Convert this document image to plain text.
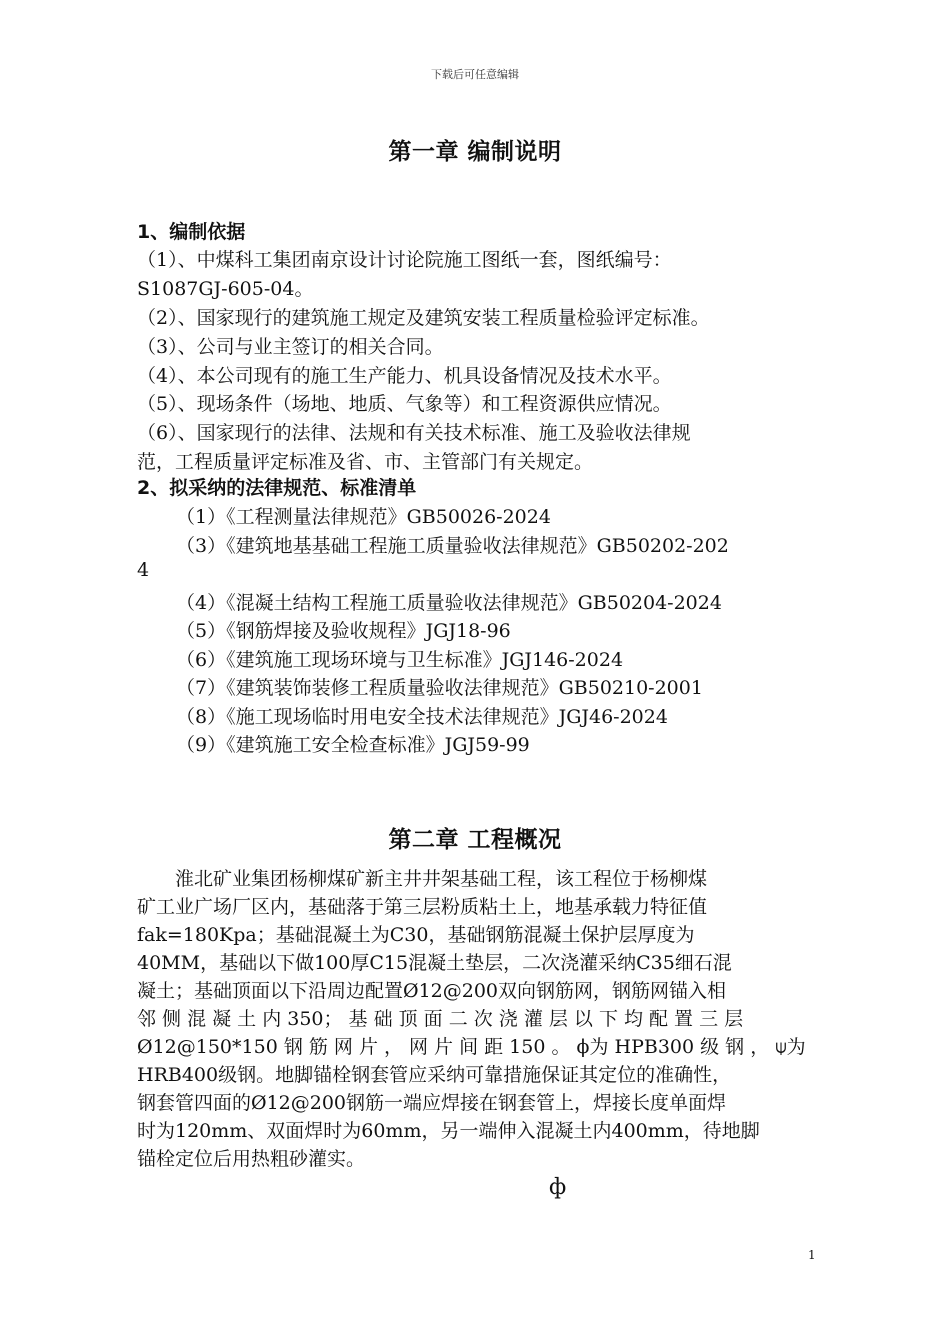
下载后可任意编辑
第一章 编制说明
1、编制依据
（1）、中煤科工集团南京设计讨论院施工图纸一套，图纸编号：
S1087GJ-605-04。
（2）、国家现行的建筑施工规定及建筑安装工程质量检验评定标准。
（3）、公司与业主签订的相关合同。
（4）、本公司现有的施工生产能力、机具设备情况及技术水平。
（5）、现场条件（场地、地质、气象等）和工程资源供应情况。
（6）、国家现行的法律、法规和有关技术标准、施工及验收法律规
范，工程质量评定标准及省、市、主管部门有关规定。
2、拟采纳的法律规范、标准清单
（1）《工程测量法律规范》GB50026-2024
（3）《建筑地基基础工程施工质量验收法律规范》GB50202-202
4
（4）《混凝土结构工程施工质量验收法律规范》GB50204-2024
（5）《钢筋焊接及验收规程》JGJ18-96
（6）《建筑施工现场环境与卫生标准》JGJ146-2024
（7）《建筑装饰装修工程质量验收法律规范》GB50210-2001
（8）《施工现场临时用电安全技术法律规范》JGJ46-2024
（9）《建筑施工安全检查标准》JGJ59-99
第二章 工程概况
　　淮北矿业集团杨柳煤矿新主井井架基础工程，该工程位于杨柳煤
矿工业广场厂区内，基础落于第三层粉质粘土上，地基承载力特征值
fak=180Kpa；基础混凝土为C30，基础钢筋混凝土保护层厚度为
40MM，基础以下做100厚C15混凝土垫层，二次浇灌采纳C35细石混
凝土；基础顶面以下沿周边配置Ø12@200双向钢筋网，钢筋网锚入相
邻 侧 混 凝 土 内 350； 基 础 顶 面 二 次 浇 灌 层 以 下 均 配 置 三 层
Ø12@150*150 钢 筋 网 片 ， 网 片 间 距 150 。 ϕ为 HPB300 级 钢 ， ⍦为
HRB400级钢。地脚锚栓钢套管应采纳可靠措施保证其定位的准确性，
钢套管四面的Ø12@200钢筋一端应焊接在钢套管上，焊接长度单面焊
时为120mm、双面焊时为60mm，另一端伸入混凝土内400mm，待地脚
锚栓定位后用热粗砂灌实。
ф
1
